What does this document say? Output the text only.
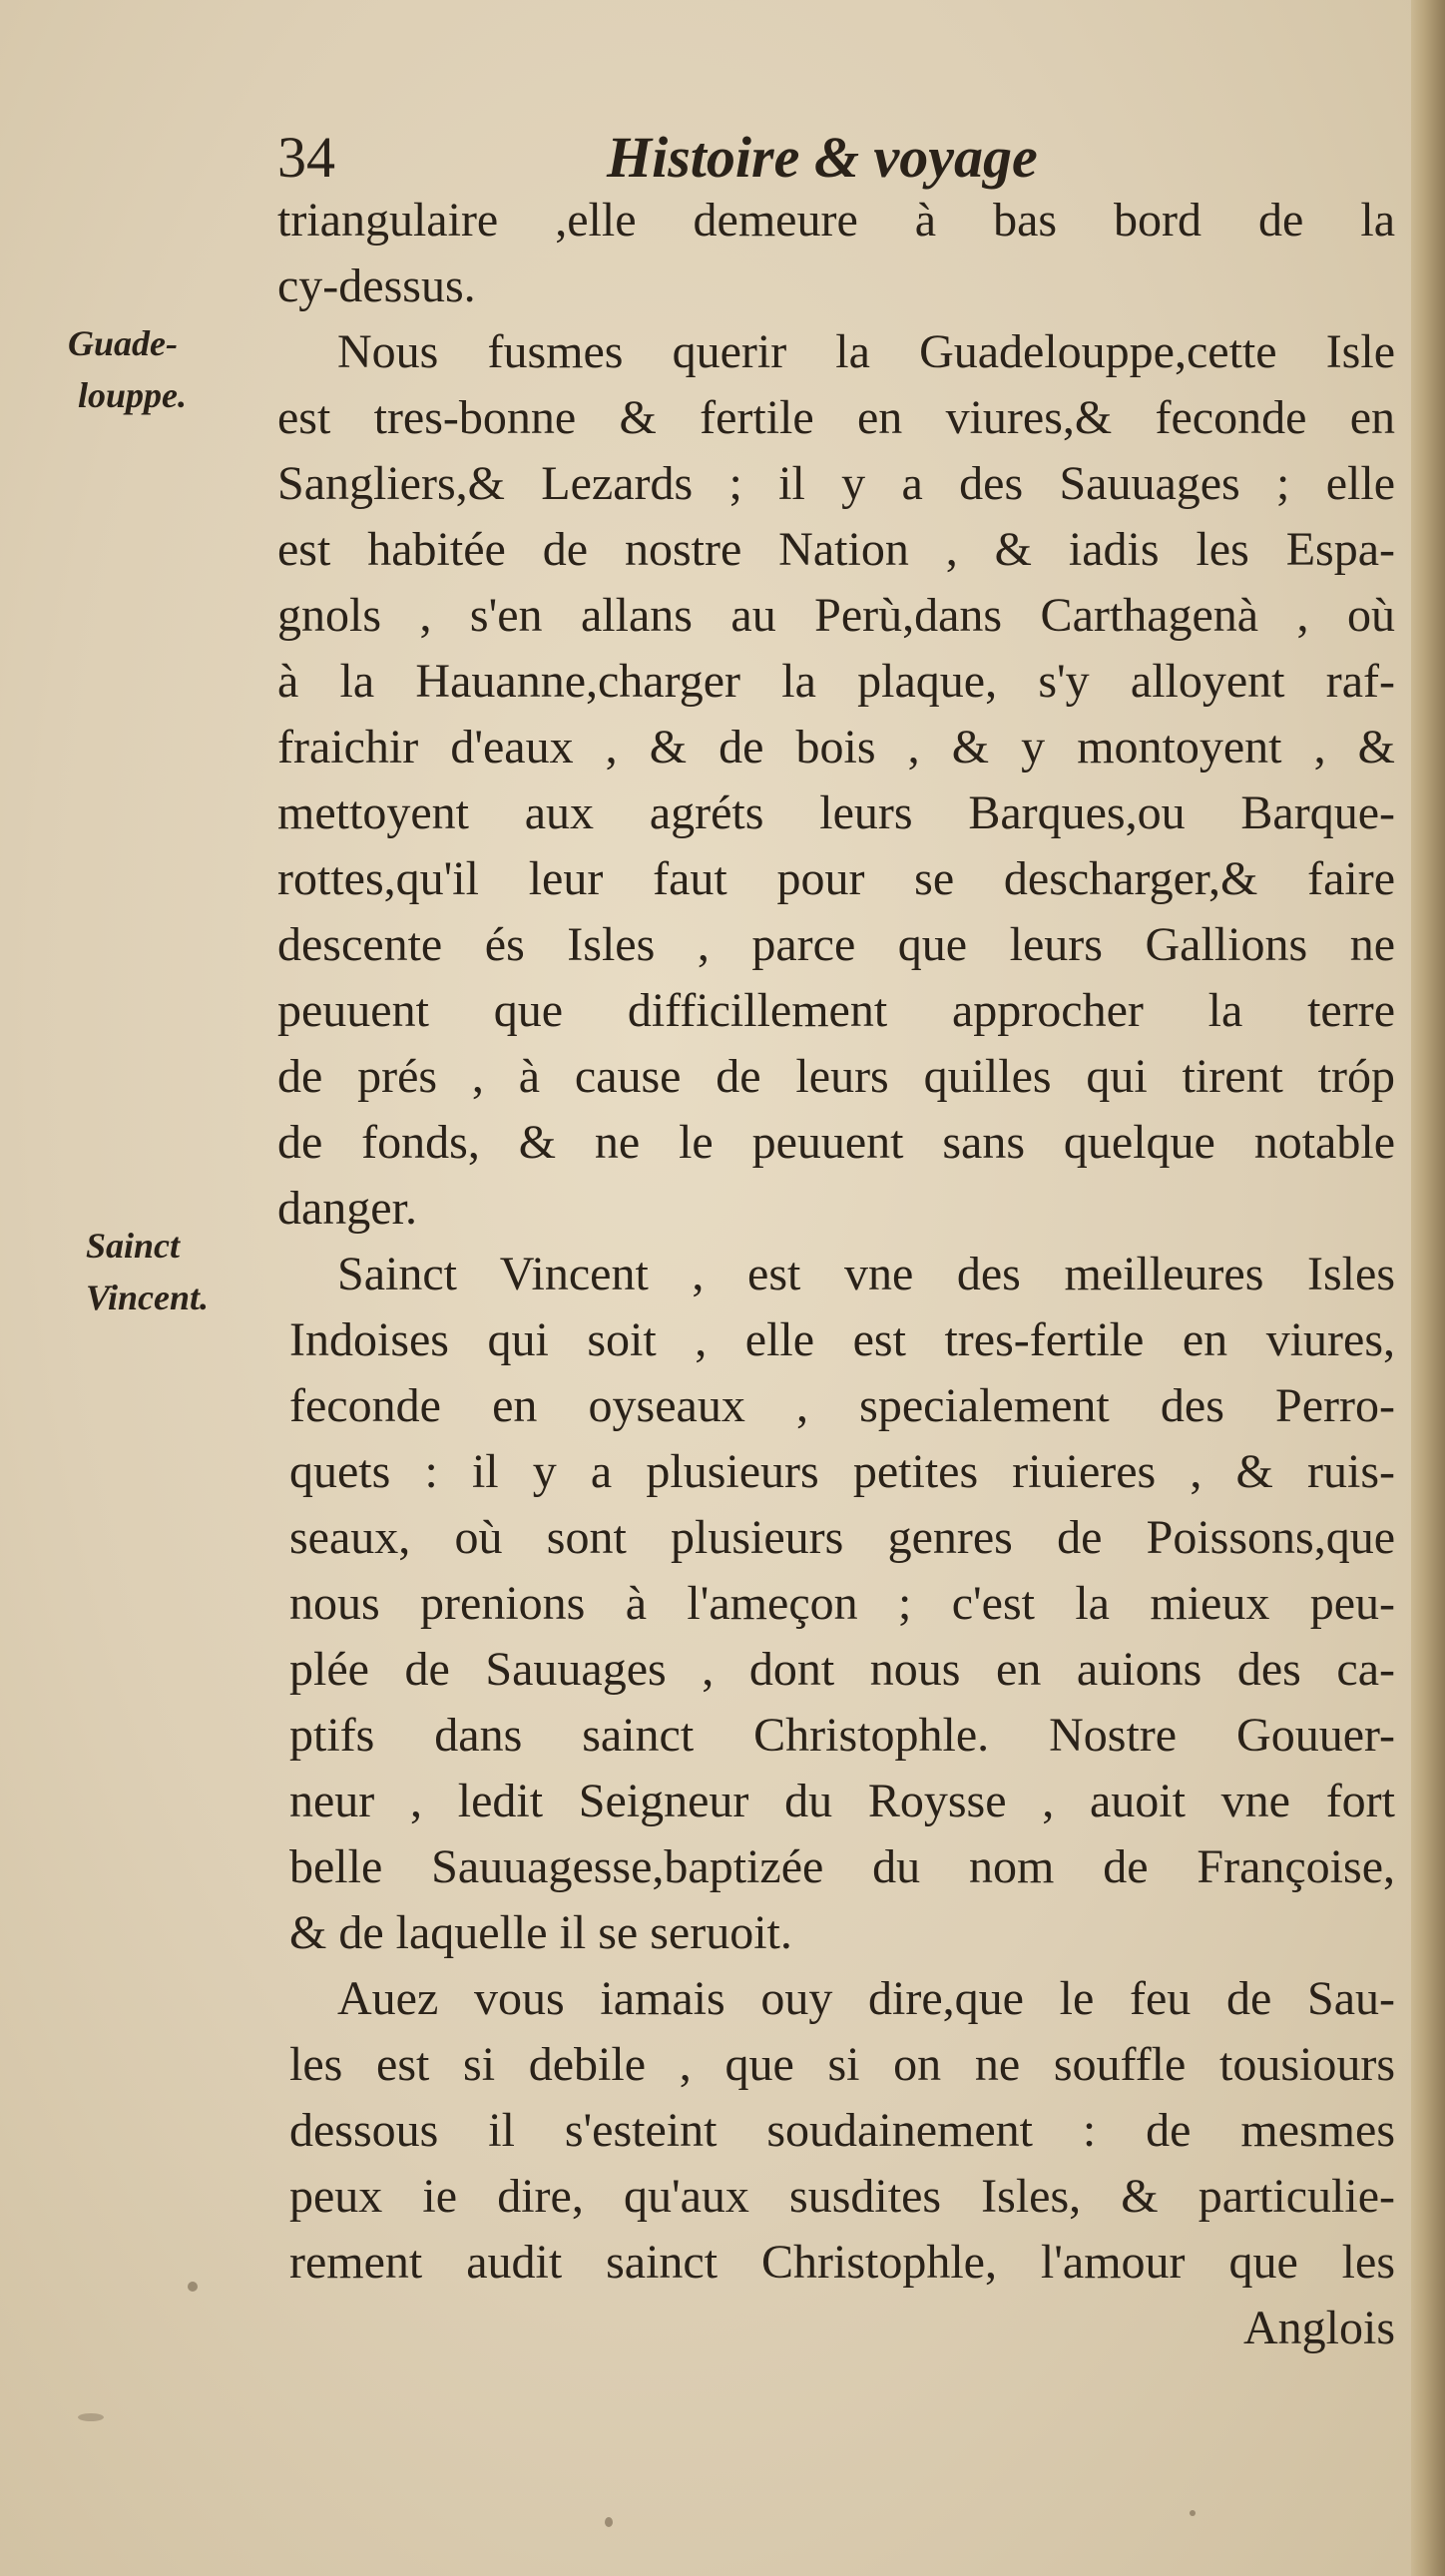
34	Histoire & voyage
Guade-
louppe.
Sainct
Vincent.
triangulaire ,elle demeure à bas bord de la
cy-dessus.
Nous fusmes querir la Guadelouppe,cette Isle
est tres-bonne & fertile en viures,& feconde en
Sangliers,& Lezards ; il y a des Sauuages ; elle
est habitée de nostre Nation , & iadis les Espa-
gnols , s'en allans au Perù,dans Carthagenà , où
à la Hauanne,charger la plaque, s'y alloyent raf-
fraichir d'eaux , & de bois , & y montoyent , &
mettoyent aux agréts leurs Barques,ou Barque-
rottes,qu'il leur faut pour se descharger,& faire
descente és Isles , parce que leurs Gallions ne
peuuent que difficillement approcher la terre
de prés , à cause de leurs quilles qui tirent tróp
de fonds, & ne le peuuent sans quelque notable
danger.
Sainct Vincent , est vne des meilleures Isles
Indoises qui soit , elle est tres-fertile en viures,
feconde en oyseaux , specialement des Perro-
quets : il y a plusieurs petites riuieres , & ruis-
seaux, où sont plusieurs genres de Poissons,que
nous prenions à l'ameçon ; c'est la mieux peu-
plée de Sauuages , dont nous en auions des ca-
ptifs dans sainct Christophle. Nostre Gouuer-
neur , ledit Seigneur du Roysse , auoit vne fort
belle Sauuagesse,baptizée du nom de Françoise,
& de laquelle il se seruoit.
Auez vous iamais ouy dire,que le feu de Sau-
les est si debile , que si on ne souffle tousiours
dessous il s'esteint soudainement : de mesmes
peux ie dire, qu'aux susdites Isles, & particulie-
rement audit sainct Christophle, l'amour que les
Anglois
